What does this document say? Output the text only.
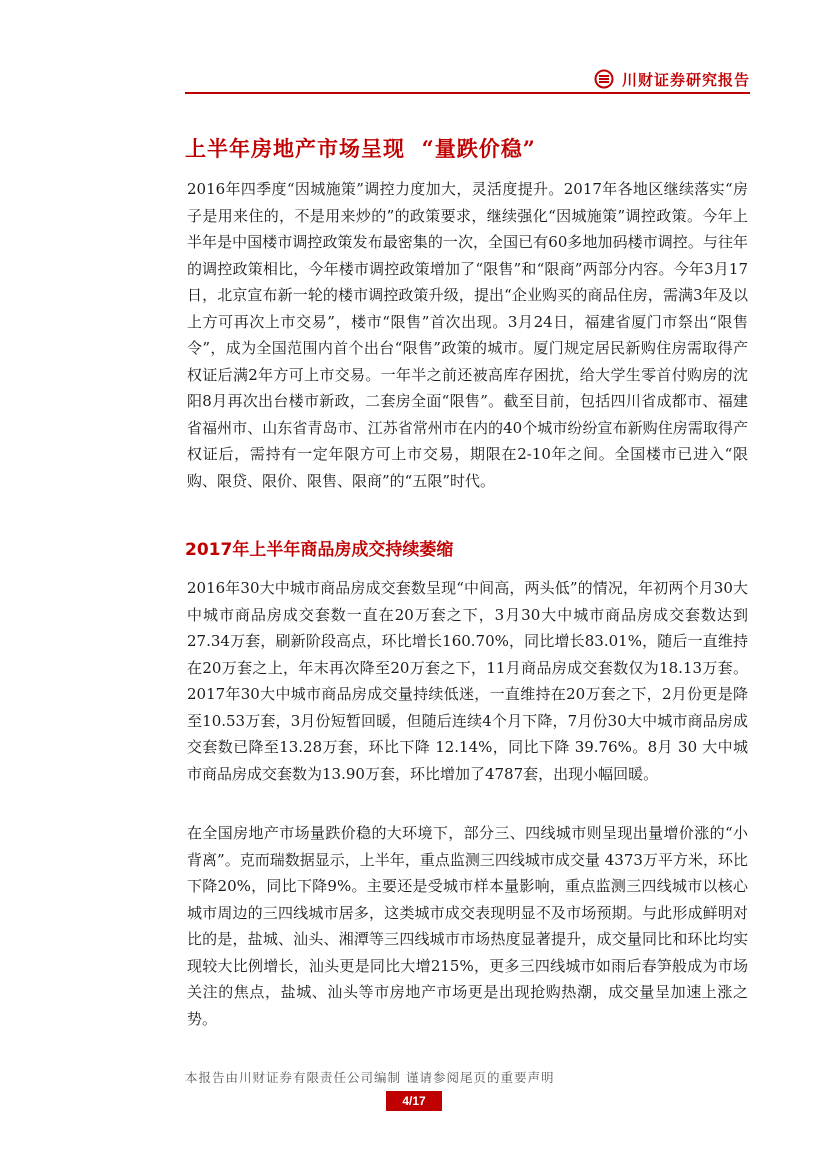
川财证券研究报告
上半年房地产市场呈现  “量跌价稳”

2016年四季度“因城施策”调控力度加大，灵活度提升。2017年各地区继续落实“房子是用来住的，不是用来炒的”的政策要求，继续强化“因城施策”调控政策。今年上半年是中国楼市调控政策发布最密集的一次，全国已有60多地加码楼市调控。与往年的调控政策相比，今年楼市调控政策增加了“限售”和“限商”两部分内容。今年3月17日，北京宣布新一轮的楼市调控政策升级，提出“企业购买的商品住房，需满3年及以上方可再次上市交易”，楼市“限售”首次出现。3月24日，福建省厦门市祭出“限售令”，成为全国范围内首个出台“限售”政策的城市。厦门规定居民新购住房需取得产权证后满2年方可上市交易。一年半之前还被高库存困扰，给大学生零首付购房的沈阳8月再次出台楼市新政，二套房全面“限售”。截至目前，包括四川省成都市、福建省福州市、山东省青岛市、江苏省常州市在内的40个城市纷纷宣布新购住房需取得产权证后，需持有一定年限方可上市交易，期限在2-10年之间。全国楼市已进入“限购、限贷、限价、限售、限商”的“五限”时代。

2017年上半年商品房成交持续萎缩

2016年30大中城市商品房成交套数呈现“中间高，两头低”的情况，年初两个月30大中城市商品房成交套数一直在20万套之下，3月30大中城市商品房成交套数达到27.34万套，刷新阶段高点，环比增长160.70%，同比增长83.01%，随后一直维持在20万套之上，年末再次降至20万套之下，11月商品房成交套数仅为18.13万套。2017年30大中城市商品房成交量持续低迷，一直维持在20万套之下，2月份更是降至10.53万套，3月份短暂回暖，但随后连续4个月下降，7月份30大中城市商品房成交套数已降至13.28万套，环比下降 12.14%，同比下降 39.76%。8月 30 大中城市商品房成交套数为13.90万套，环比增加了4787套，出现小幅回暖。

在全国房地产市场量跌价稳的大环境下，部分三、四线城市则呈现出量增价涨的“小背离”。克而瑞数据显示，上半年，重点监测三四线城市成交量 4373万平方米，环比下降20%，同比下降9%。主要还是受城市样本量影响，重点监测三四线城市以核心城市周边的三四线城市居多，这类城市成交表现明显不及市场预期。与此形成鲜明对比的是，盐城、汕头、湘潭等三四线城市市场热度显著提升，成交量同比和环比均实现较大比例增长，汕头更是同比大增215%，更多三四线城市如雨后春笋般成为市场关注的焦点，盐城、汕头等市房地产市场更是出现抢购热潮，成交量呈加速上涨之势。

本报告由川财证券有限责任公司编制 谨请参阅尾页的重要声明
4/17
